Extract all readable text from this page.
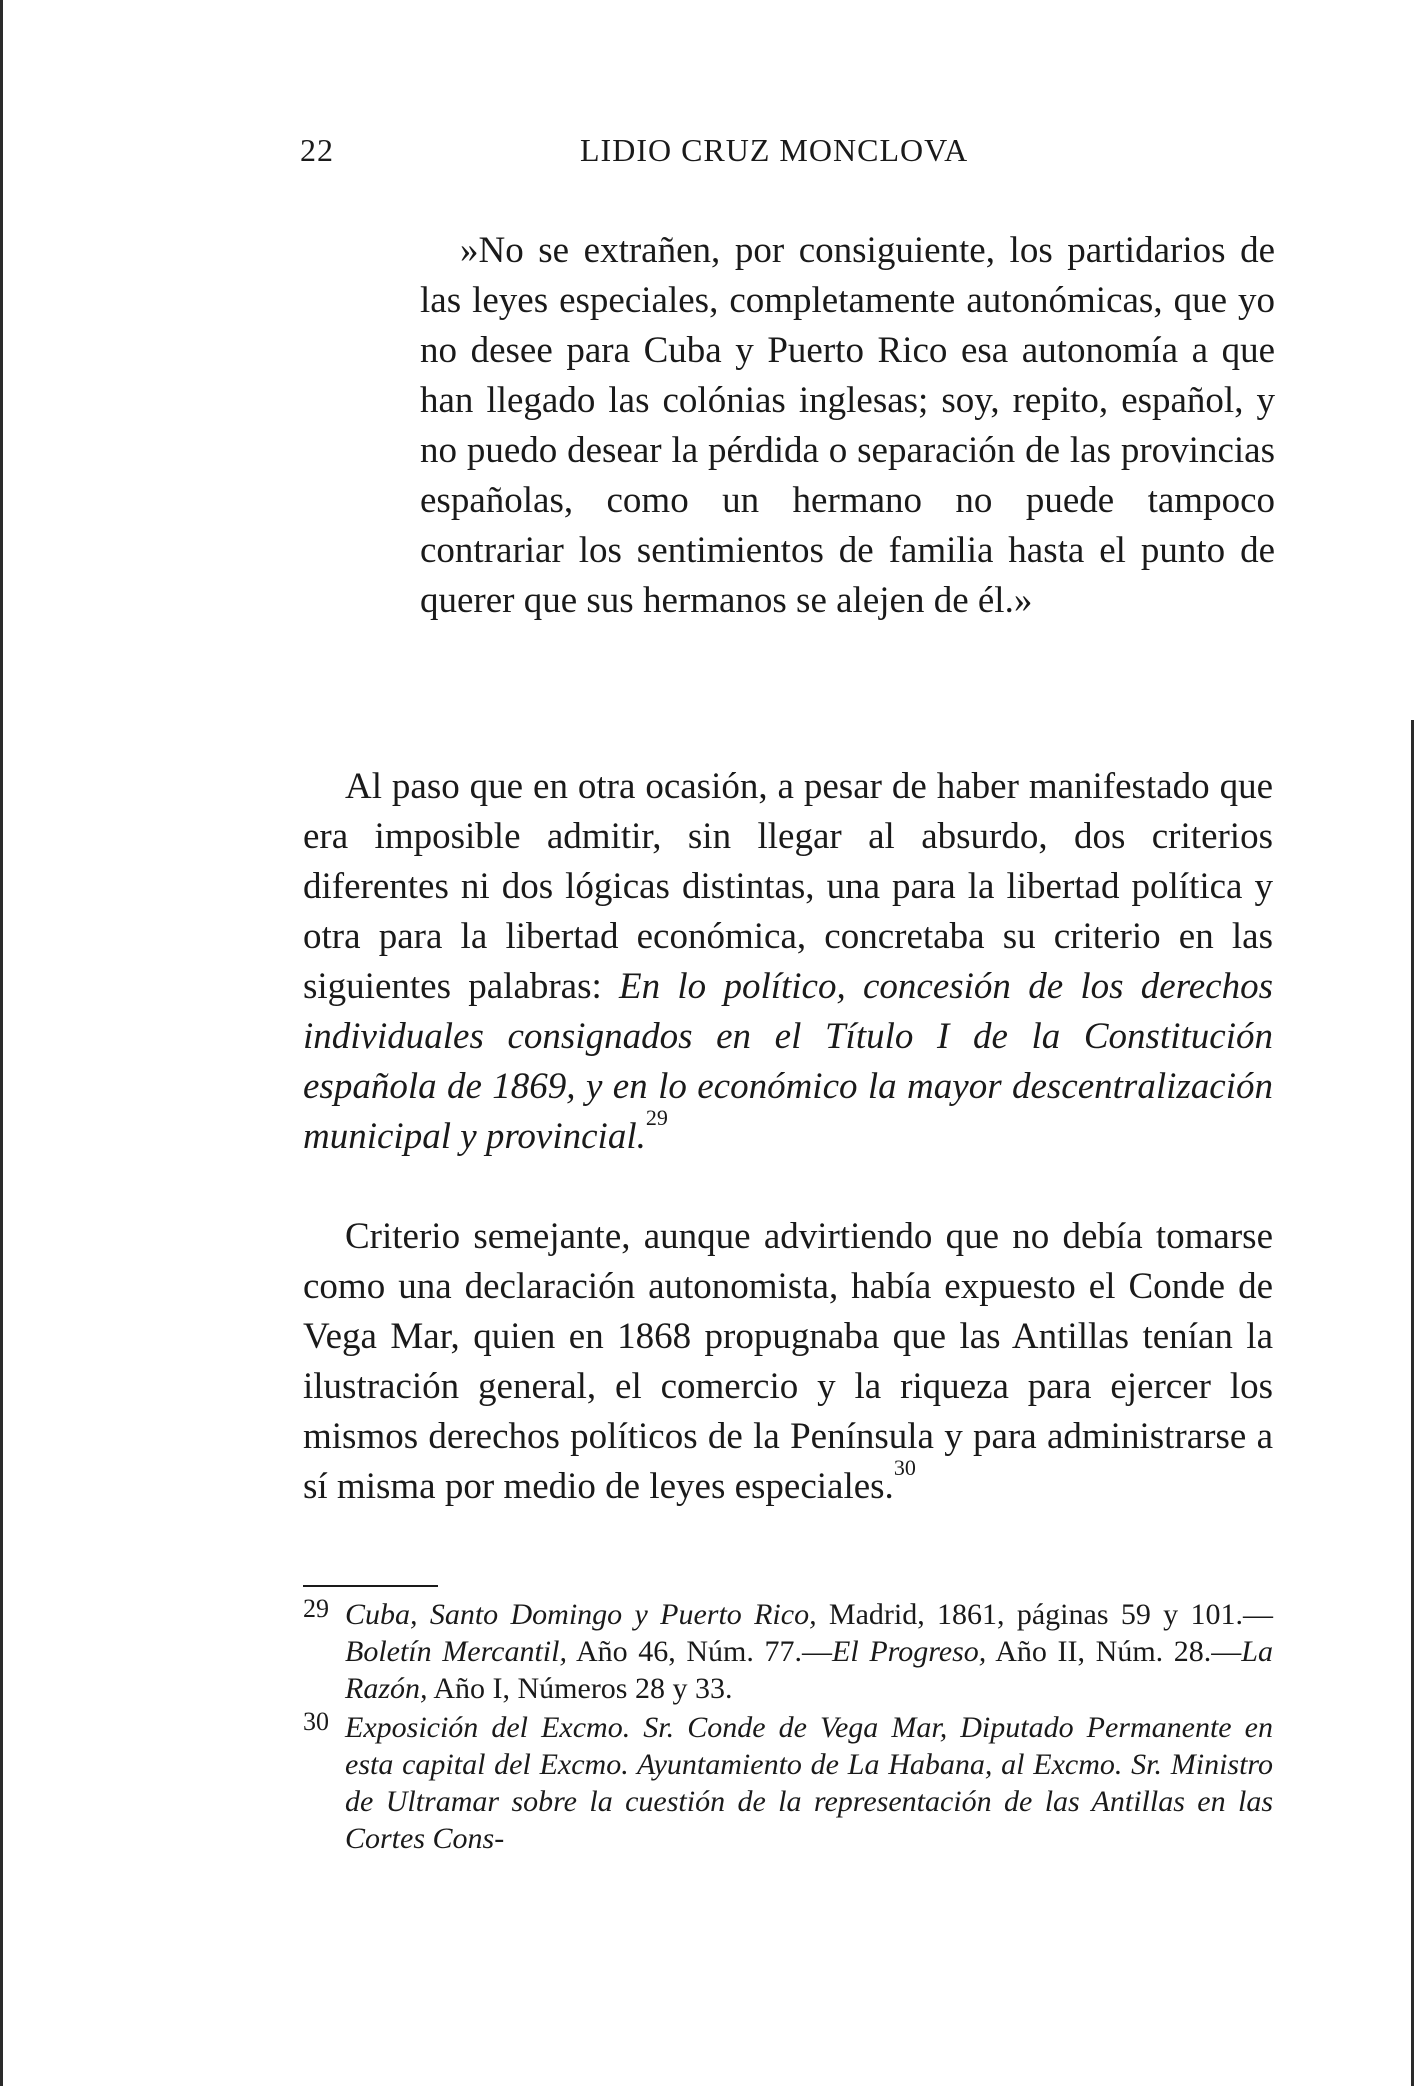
22	LIDIO CRUZ MONCLOVA

»No se extrañen, por consiguiente, los partidarios de las leyes especiales, completamente autonómicas, que yo no desee para Cuba y Puerto Rico esa autonomía a que han llegado las colónias inglesas; soy, repito, español, y no puedo desear la pérdida o separación de las provincias españolas, como un hermano no puede tampoco contrariar los sentimientos de familia hasta el punto de querer que sus hermanos se alejen de él.»

Al paso que en otra ocasión, a pesar de haber manifestado que era imposible admitir, sin llegar al absurdo, dos criterios diferentes ni dos lógicas distintas, una para la libertad política y otra para la libertad económica, concretaba su criterio en las siguientes palabras: En lo político, concesión de los derechos individuales consignados en el Título I de la Constitución española de 1869, y en lo económico la mayor descentralización municipal y provincial.$^{29}$

Criterio semejante, aunque advirtiendo que no debía tomarse como una declaración autonomista, había expuesto el Conde de Vega Mar, quien en 1868 propugnaba que las Antillas tenían la ilustración general, el comercio y la riqueza para ejercer los mismos derechos políticos de la Península y para administrarse a sí misma por medio de leyes especiales.$^{30}$

29 Cuba, Santo Domingo y Puerto Rico, Madrid, 1861, páginas 59 y 101.—Boletín Mercantil, Año 46, Núm. 77.—El Progreso, Año II, Núm. 28.—La Razón, Año I, Números 28 y 33.
30 Exposición del Excmo. Sr. Conde de Vega Mar, Diputado Permanente en esta capital del Excmo. Ayuntamiento de La Habana, al Excmo. Sr. Ministro de Ultramar sobre la cuestión de la representación de las Antillas en las Cortes Cons-
